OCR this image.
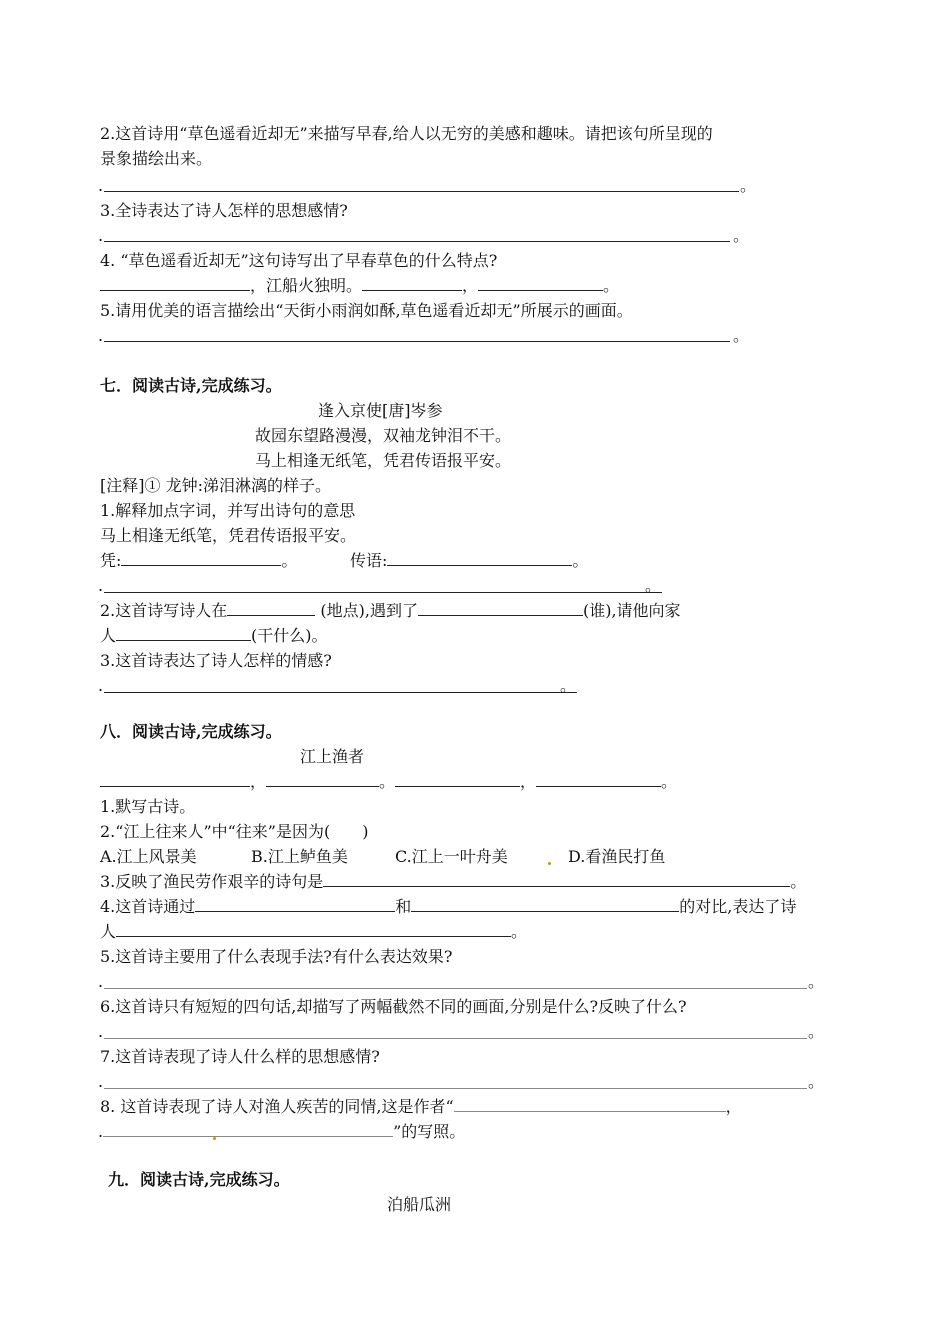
2.这首诗用“草色遥看近却无”来描写早春,给人以无穷的美感和趣味。请把该句所呈现的
景象描绘出来。
.	。
3.全诗表达了诗人怎样的思想感情?
.	。
4. “草色遥看近却无”这句诗写出了早春草色的什么特点?
，江船火独明。	，	。
5.请用优美的语言描绘出“天街小雨润如酥,草色遥看近却无”所展示的画面。
.	。
七．阅读古诗,完成练习。
逢入京使[唐]岑参
故园东望路漫漫，双袖龙钟泪不干。
马上相逢无纸笔，凭君传语报平安。
[注释]① 龙钟:涕泪淋漓的样子。
1.解释加点字词，并写出诗句的意思
马上相逢无纸笔，凭君传语报平安。
凭:	。	传语:	。
.	。
2.这首诗写诗人在	(地点),遇到了	(谁),请他向家
人	(干什么)。
3.这首诗表达了诗人怎样的情感?
.	。
八．阅读古诗,完成练习。
江上渔者
，	。	，	。
1.默写古诗。
2.“江上往来人”中“往来”是因为(　　)
A.江上风景美	B.江上鲈鱼美	C.江上一叶舟美	D.看渔民打鱼
3.反映了渔民劳作艰辛的诗句是	。
4.这首诗通过	和	的对比,表达了诗
人	。
5.这首诗主要用了什么表现手法?有什么表达效果?
.	。
6.这首诗只有短短的四句话,却描写了两幅截然不同的画面,分别是什么?反映了什么?
.	。
7.这首诗表现了诗人什么样的思想感情?
.	。
8. 这首诗表现了诗人对渔人疾苦的同情,这是作者“	，
.	”的写照。
九．阅读古诗,完成练习。
泊船瓜洲
